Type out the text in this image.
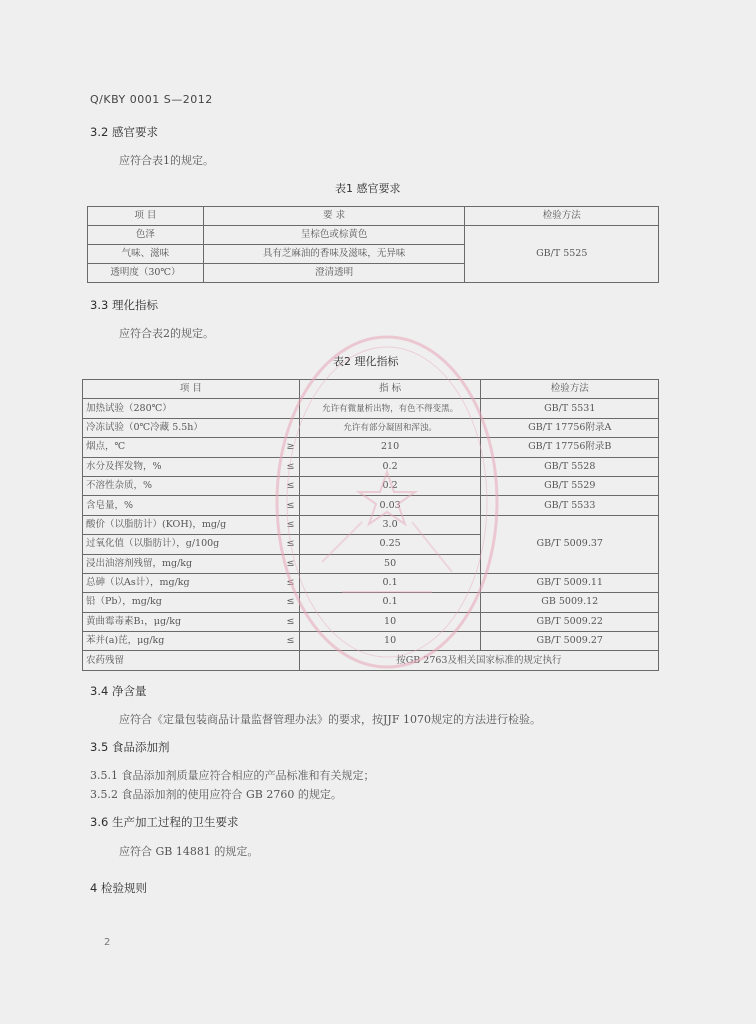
Q/KBY 0001 S—2012
3.2 感官要求
应符合表1的规定。
表1 感官要求
项 目	要 求	检验方法
色泽	呈棕色或棕黄色	GB/T 5525
气味、滋味	具有芝麻油的香味及滋味，无异味	
透明度（30℃）	澄清透明	
3.3 理化指标
应符合表2的规定。
表2 理化指标
项 目		指 标	检验方法
加热试验（280℃）		允许有微量析出物，有色不得变黑。	GB/T 5531
冷冻试验（0℃冷藏 5.5h）		允许有部分凝固和浑浊。	GB/T 17756附录A
烟点，℃	≥	210	GB/T 17756附录B
水分及挥发物，%	≤	0.2	GB/T 5528
不溶性杂质，%	≤	0.2	GB/T 5529
含皂量，%	≤	0.03	GB/T 5533
酸价（以脂肪计）(KOH)，mg/g	≤	3.0	GB/T 5009.37
过氧化值（以脂肪计），g/100g	≤	0.25	
浸出油溶剂残留，mg/kg	≤	50	
总砷（以As计），mg/kg	≤	0.1	GB/T 5009.11
铅（Pb），mg/kg	≤	0.1	GB 5009.12
黄曲霉毒素B₁，μg/kg	≤	10	GB/T 5009.22
苯并(a)芘，μg/kg	≤	10	GB/T 5009.27
农药残留		按GB 2763及相关国家标准的规定执行	
3.4 净含量
应符合《定量包装商品计量监督管理办法》的要求，按JJF 1070规定的方法进行检验。
3.5 食品添加剂
3.5.1 食品添加剂质量应符合相应的产品标准和有关规定；
3.5.2 食品添加剂的使用应符合 GB 2760 的规定。
3.6 生产加工过程的卫生要求
应符合 GB 14881 的规定。
4 检验规则
2
